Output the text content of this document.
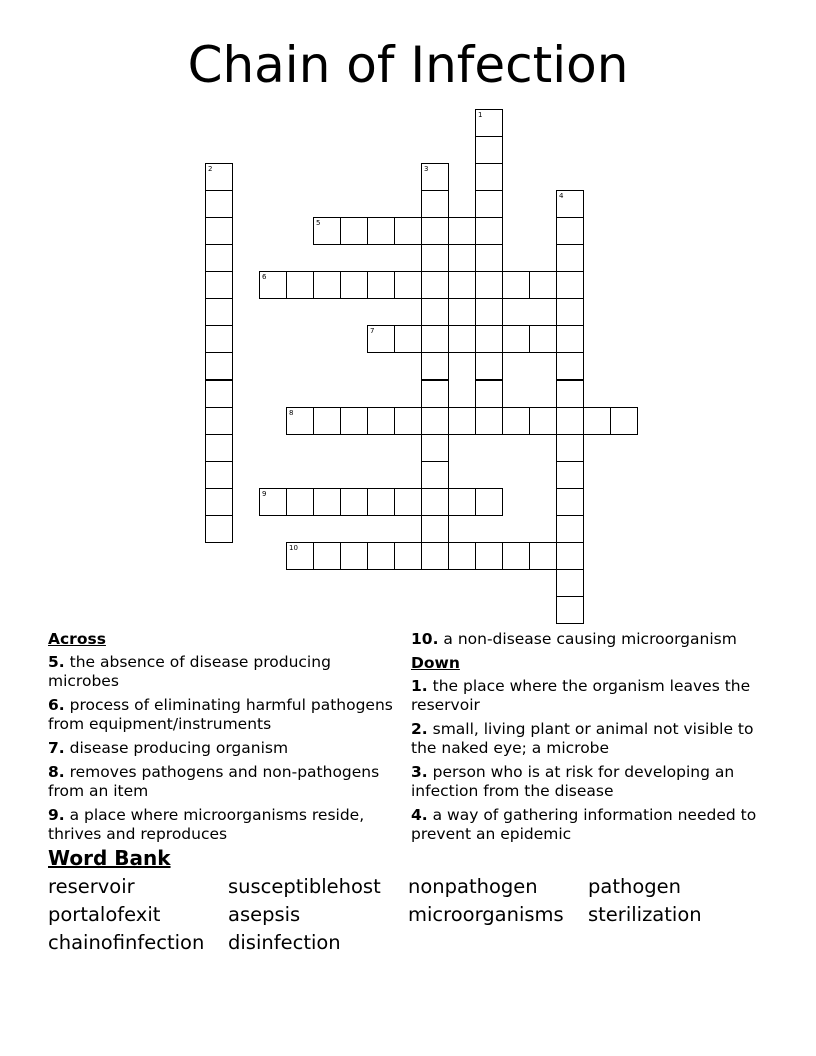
Chain of Infection
1
2	3
4
5
6
7
8
9
10
Across
5. the absence of disease producing microbes
6. process of eliminating harmful pathogens from equipment/instruments
7. disease producing organism
8. removes pathogens and non-pathogens from an item
9. a place where microorganisms reside, thrives and reproduces
10. a non-disease causing microorganism
Down
1. the place where the organism leaves the reservoir
2. small, living plant or animal not visible to the naked eye; a microbe
3. person who is at risk for developing an infection from the disease
4. a way of gathering information needed to prevent an epidemic
Word Bank
reservoir	susceptiblehost nonpathogen	pathogen
portalofexit	asepsis	microorganisms sterilization
chainofinfection disinfection
